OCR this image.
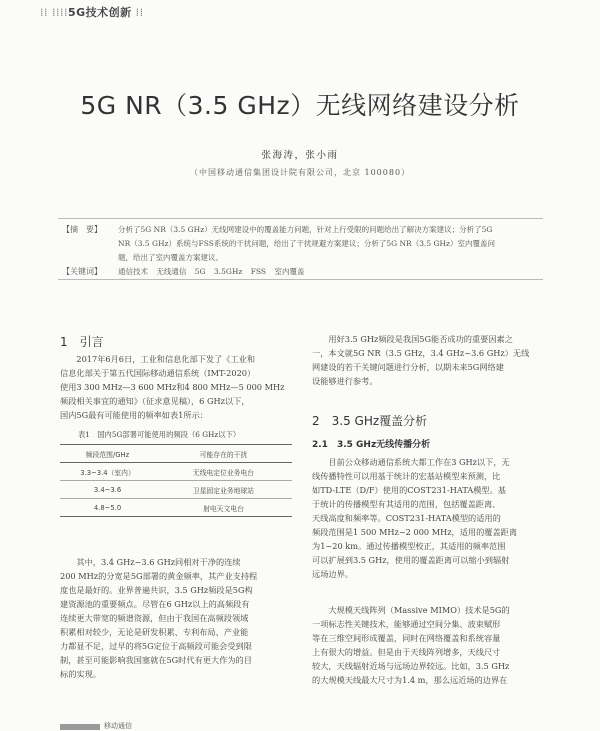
⁞⁞ ⁞⁞⁞⁞5G技术创新 ⁞⁞
5G NR（3.5 GHz）无线网络建设分析
张海涛，张小雨
（中国移动通信集团设计院有限公司，北京 100080）
【摘　要】 分析了5G NR（3.5 GHz）无线网建设中的覆盖能力问题，针对上行受限的问题给出了解决方案建议；分析了5G
NR（3.5 GHz）系统与FSS系统的干扰问题，给出了干扰规避方案建议；分析了5G NR（3.5 GHz）室内覆盖问
题，给出了室内覆盖方案建议。
【关键词】 通信技术 无线通信 5G 3.5GHz FSS 室内覆盖
1　引言
　　2017年6月6日，工业和信息化部下发了《工业和
信息化部关于第五代国际移动通信系统（IMT-2020）
使用3 300 MHz—3 600 MHz和4 800 MHz—5 000 MHz
频段相关事宜的通知》（征求意见稿），6 GHz以下，
国内5G最有可能使用的频率如表1所示：
表1　国内5G部署可能使用的频段（6 GHz以下）
频段范围/GHz	可能存在的干扰
3.3~3.4（室内）	无线电定位业务电台
3.4~3.6	卫星固定业务地球站
4.8~5.0	射电天文电台
　　其中，3.4 GHz~3.6 GHz同相对干净的连续
200 MHz的分宽是5G部署的黄金频率，其产业支持程
度也是最好的。业界普遍共识，3.5 GHz频段是5G构
建资源池的重要频点。尽管在6 GHz以上的高频段有
连续更大带宽的频谱资源，但由于我国在高频段领域
积累相对较少，无论是研发积累、专利布局、产业能
力都显不足，过早的将5G定位于高频段可能会受到限
制，甚至可能影响我国塞就在5G时代有更大作为的目
标的实现。
　　用好3.5 GHz频段是我国5G能否成功的重要因素之
一，本文就5G NR（3.5 GHz，3.4 GHz~3.6 GHz）无线
网建设的若干关键问题进行分析，以期未来5G网络建
设能够进行参考。
2　3.5 GHz覆盖分析
2.1　3.5 GHz无线传播分析
　　目前公众移动通信系统大都工作在3 GHz以下，无
线传播特性可以用基于统计的宏基站模型来预测，比
如TD-LTE（D/F）使用的COST231-HATA模型。基
于统计的传播模型有其适用的范围，包括覆盖距离、
天线高度和频率等。COST231-HATA模型的适用的
频段范围是1 500 MHz~2 000 MHz，适用的覆盖距离
为1~20 km。通过传播模型校正，其适用的频率范围
可以扩展到3.5 GHz，使用的覆盖距离可以缩小到辐射
远场边界。
　　大规模天线阵列（Massive MIMO）技术是5G的
一项标志性关键技术，能够通过空间分集、波束赋形
等在三维空间形成覆盖，同时在网络覆盖和系统容量
上有很大的增益。但是由于天线阵列增多，天线尺寸
较大，天线辐射近场与远场边界较远。比如，3.5 GHz
的大规模天线最大尺寸为1.4 m，那么远近场的边界在
移动通信
